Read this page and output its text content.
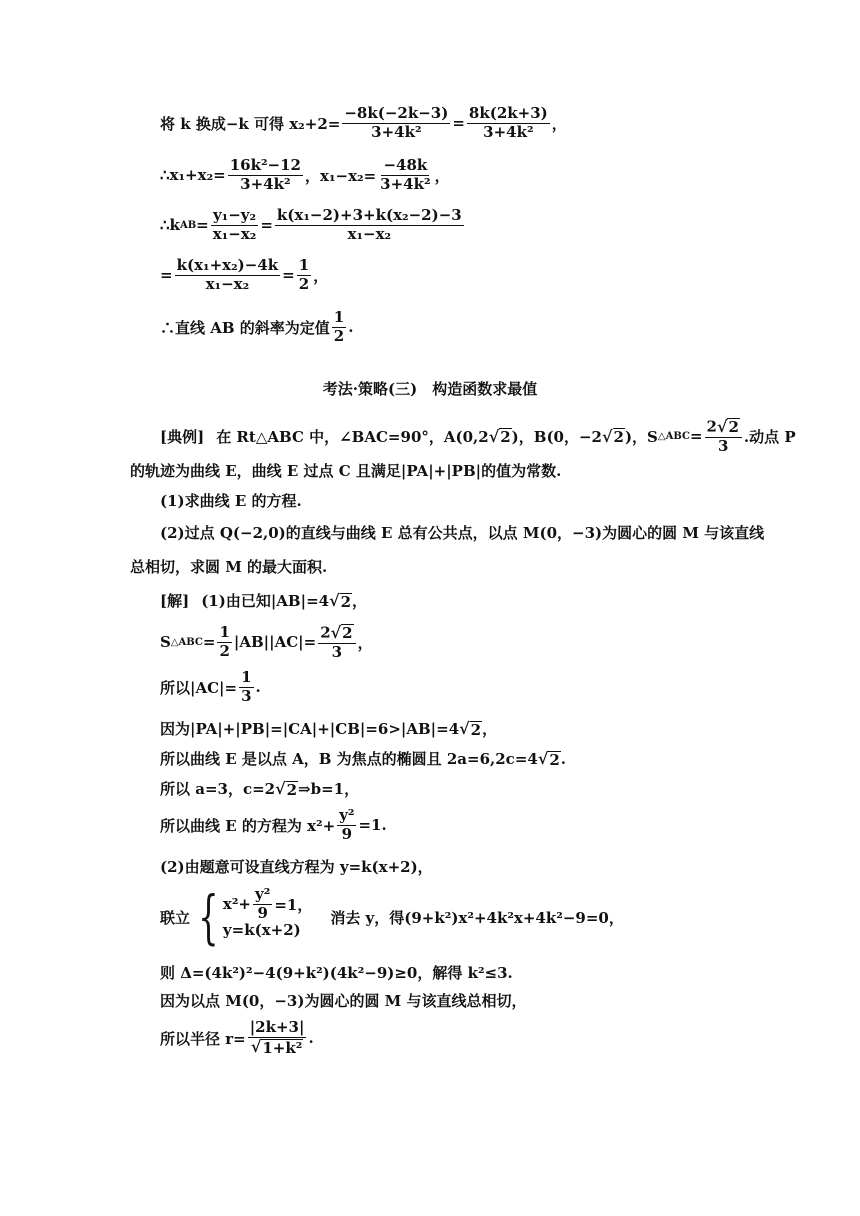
将 k 换成−k 可得 $x_2+2= \frac{-8k(-2k-3)}{\text{3+4k²}} = \frac{8k(2k+3)}{\text{3+4k²}}$ ，
∴x₁+x₂= $\frac{\text{16k²−12}}{\text{3+4k²}}$ ，$x_1-x_2= \frac{-48k}{\text{3+4k²}}$ ，
∴k AB = $\frac{\text{y₁−y₂}}{\text{x₁−x₂}} = \frac{\text{k(x₁−2)+3+k(x₂−2)−3}}{\text{x₁−x₂}}$
= $\frac{\text{k(x₁+x₂)−4k}}{\text{x₁−x₂}} = \frac{1}{2}$ ，
∴直线 AB 的斜率为定值 $\frac{1}{2}$ .
考法·策略(三)　构造函数求最值
[典例] 在 Rt△ABC 中，∠BAC=90°，A(0,2 √ 2 )，B(0，−2 √ 2 )，S △ABC = $\frac{2 √ 2}{3}$ .动点 P
的轨迹为曲线 E，曲线 E 过点 C 且满足|PA|+|PB|的值为常数.
(1)求曲线 E 的方程.
(2)过点 Q(−2,0)的直线与曲线 E 总有公共点，以点 M(0，−3)为圆心的圆 M 与该直线
总相切，求圆 M 的最大面积.
[解] (1)由已知|AB|=4 √ 2 ，
S △ABC = $\frac{1}{2} |AB||AC|= \frac{2 √ 2}{3}$ ，
所以$|AC|= \frac{1}{3}$ .
因为|PA|+|PB|=|CA|+|CB|=6>|AB|=4 √ 2 ，
所以曲线 E 是以点 A，B 为焦点的椭圆且 2a=6,2c=4 √ 2 .
所以 a=3，c=2 √ 2 ⇒b=1，
所以曲线 E 的方程为 $x^2+ \frac{\text{y²}}{9} =1$.
(2)由题意可设直线方程为 y=k(x+2)，
联立 { $x^2+ \frac{\text{y²}}{9} =1$，
y=k(x+2)
消去 y，得(9+k²)x²+4k²x+4k²−9=0，
则 Δ=(4k²)²−4(9+k²)(4k²−9)≥0，解得 k²≤3.
因为以点 M(0，−3)为圆心的圆 M 与该直线总相切，
所以半径 $r= \frac{|2k+3|}{\text{√ 1+k²}}$ .
